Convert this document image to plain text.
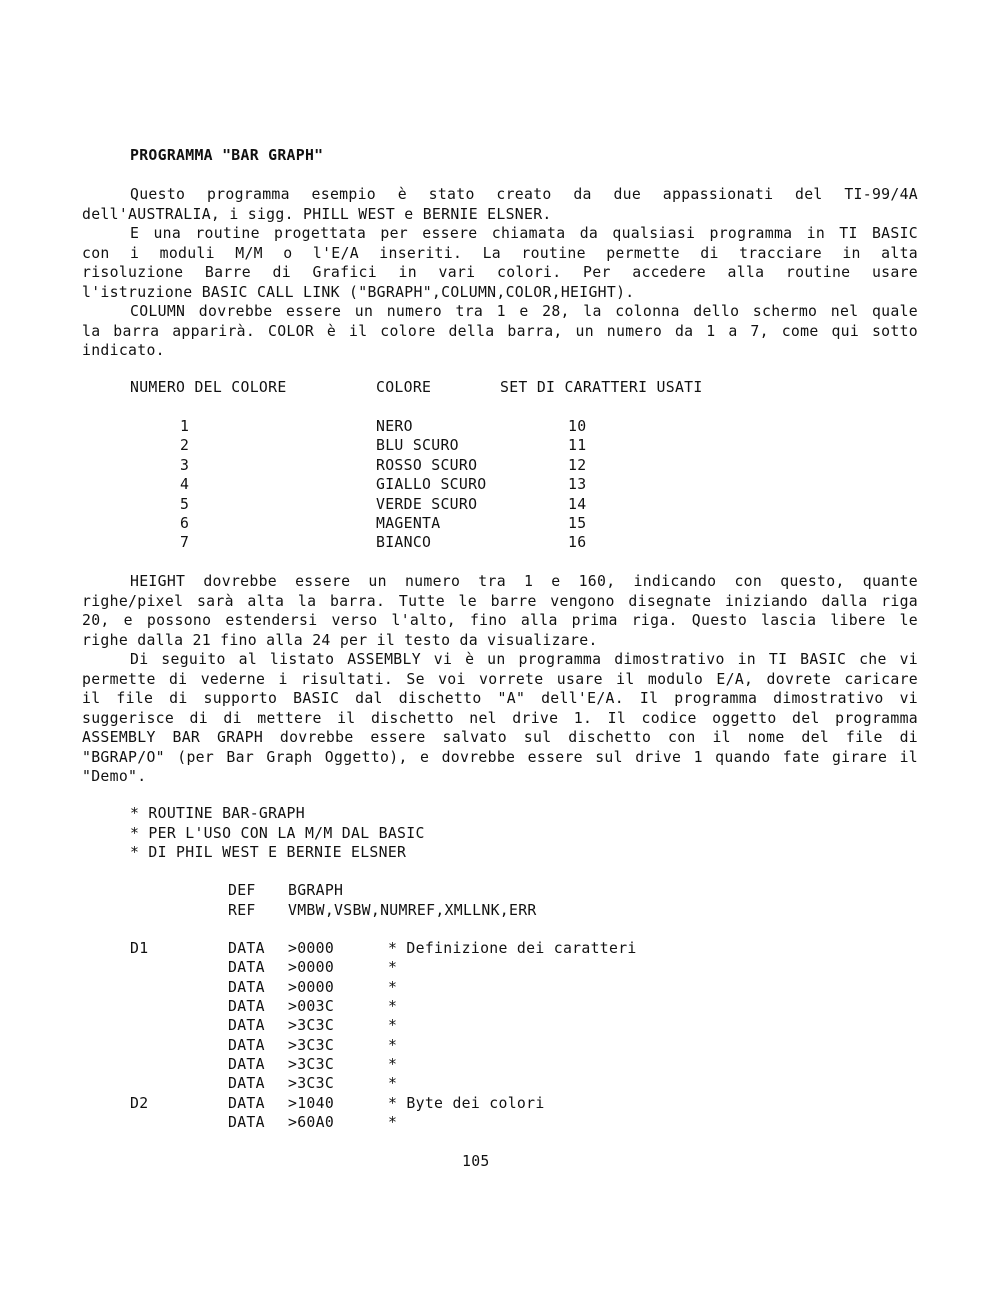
PROGRAMMA "BAR GRAPH"
Questo programma esempio è stato creato da due appassionati del TI-99/4A
dell'AUSTRALIA, i sigg. PHILL WEST e BERNIE ELSNER.
E una routine progettata per essere chiamata da qualsiasi programma in TI BASIC
con i moduli M/M o l'E/A inseriti. La routine permette di tracciare in alta
risoluzione Barre di Grafici in vari colori. Per accedere alla routine usare
l'istruzione BASIC CALL LINK ("BGRAPH",COLUMN,COLOR,HEIGHT).
COLUMN dovrebbe essere un numero tra 1 e 28, la colonna dello schermo nel quale
la barra apparirà. COLOR è il colore della barra, un numero da 1 a 7, come qui sotto
indicato.
HEIGHT dovrebbe essere un numero tra 1 e 160, indicando con questo, quante
righe/pixel sarà alta la barra. Tutte le barre vengono disegnate iniziando dalla riga
20, e possono estendersi verso l'alto, fino alla prima riga. Questo lascia libere le
righe dalla 21 fino alla 24 per il testo da visualizare.
Di seguito al listato ASSEMBLY vi è un programma dimostrativo in TI BASIC che vi
permette di vederne i risultati. Se voi vorrete usare il modulo E/A, dovrete caricare
il file di supporto BASIC dal dischetto "A" dell'E/A. Il programma dimostrativo vi
suggerisce di di mettere il dischetto nel drive 1. Il codice oggetto del programma
ASSEMBLY BAR GRAPH dovrebbe essere salvato sul dischetto con il nome del file di
"BGRAP/O" (per Bar Graph Oggetto), e dovrebbe essere sul drive 1 quando fate girare il
"Demo".
NUMERO DEL COLORE	COLORE	SET DI CARATTERI USATI
1	NERO	10
2	BLU SCURO	11
3	ROSSO SCURO	12
4	GIALLO SCURO	13
5	VERDE SCURO	14
6	MAGENTA	15
7	BIANCO	16
* ROUTINE BAR-GRAPH
* PER L'USO CON LA M/M DAL BASIC
* DI PHIL WEST E BERNIE ELSNER
DEF BGRAPH
REF VMBW,VSBW,NUMREF,XMLLNK,ERR
D1	DATA >0000	* Definizione dei caratteri
DATA >0000	*
DATA >0000	*
DATA >003C	*
DATA >3C3C	*
DATA >3C3C	*
DATA >3C3C	*
DATA >3C3C	*
D2	DATA >1040	* Byte dei colori
DATA >60A0	*
105
